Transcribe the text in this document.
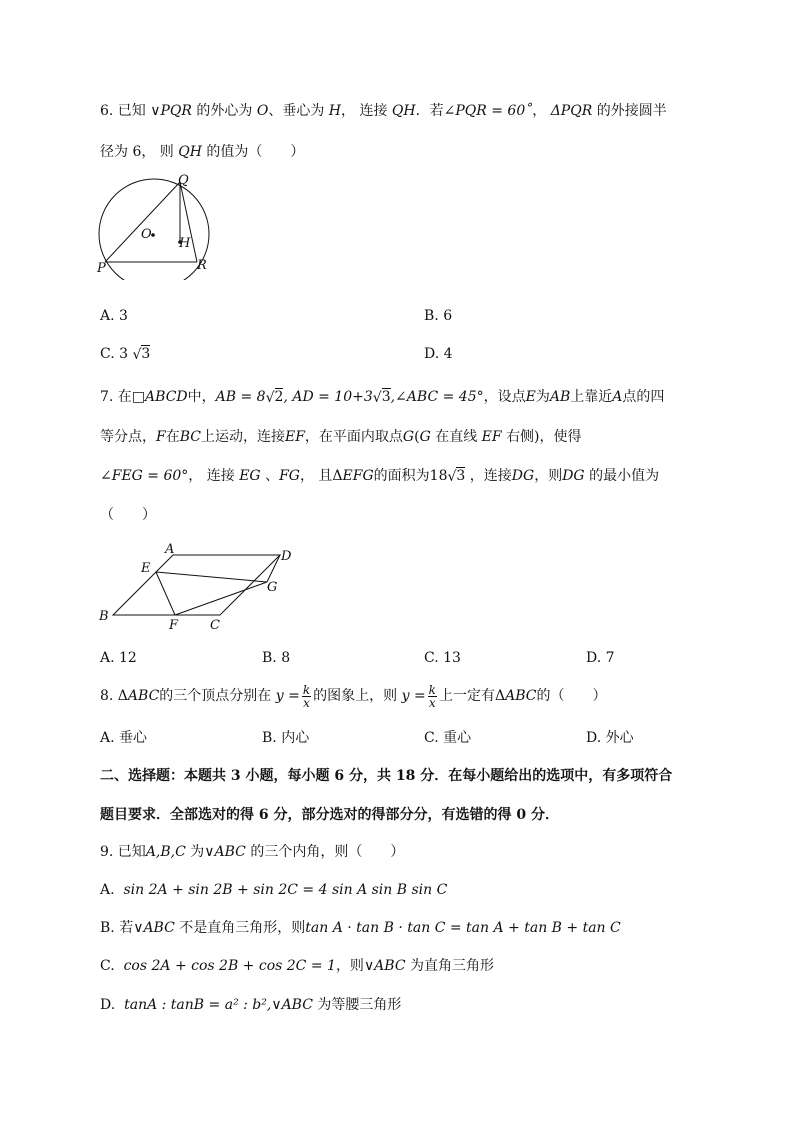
6. 已知 ∨PQR 的外心为 O、垂心为 H， 连接 QH．若∠PQR = 60˚， ΔPQR 的外接圆半
径为 6， 则 QH 的值为（　　）
Q
O
H
P	R
A. 3	B. 6
C. 3 √3	D. 4
7. 在□ABCD中，AB = 8√2, AD = 10+3√3,∠ABC = 45°，设点E为AB上靠近A点的四
等分点，F在BC上运动，连接EF，在平面内取点G(G 在直线 EF 右侧)，使得
∠FEG = 60°， 连接 EG 、FG， 且ΔEFG的面积为18√3 ，连接DG，则DG 的最小值为
（　　）
A	D
E
G
B
F C
A. 12	B. 8	C. 13	D. 7
8. ΔABC的三个顶点分别在 $y = \frac{k}{x}$ 的图象上，则 $y = \frac{k}{x}$ 上一定有ΔABC的（　　）
A. 垂心	B. 内心	C. 重心	D. 外心
二、选择题：本题共 3 小题，每小题 6 分，共 18 分．在每小题给出的选项中，有多项符合
题目要求．全部选对的得 6 分，部分选对的得部分分，有选错的得 0 分．
9. 已知A,B,C 为∨ABC 的三个内角，则（　　）
A. sin 2A + sin 2B + sin 2C = 4 sin A sin B sin C
B. 若∨ABC 不是直角三角形，则tan A · tan B · tan C = tan A + tan B + tan C
C. cos 2A + cos 2B + cos 2C = 1，则∨ABC 为直角三角形
D. tanA : tanB = a² : b²,∨ABC 为等腰三角形
